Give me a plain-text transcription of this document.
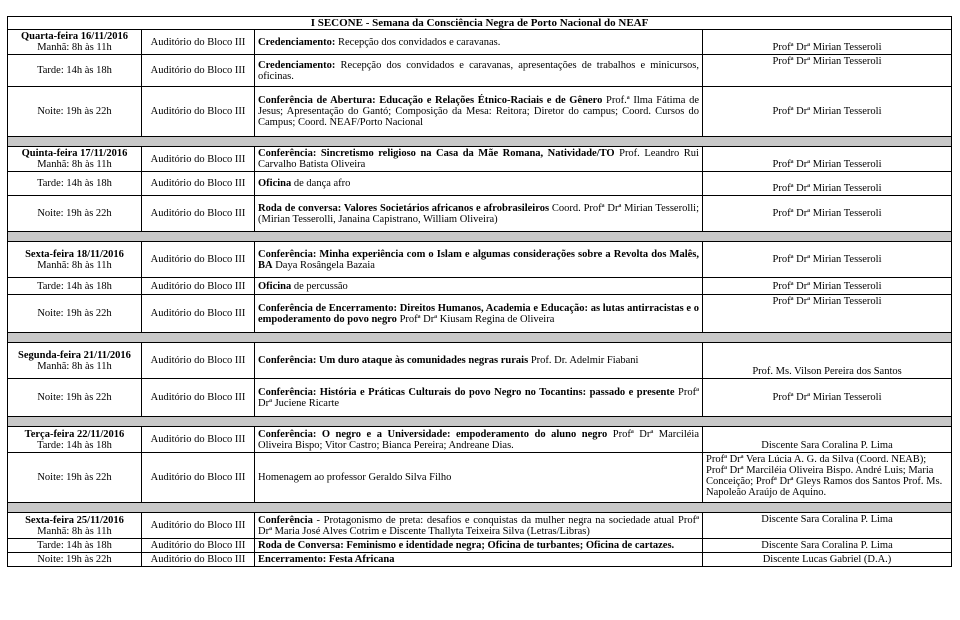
I SECONE - Semana da Consciência Negra de Porto Nacional do NEAF			

Quarta-feira 16/11/2016
Manhã: 8h às 11h	Auditório do Bloco III	Credenciamento: Recepção dos convidados e caravanas.	Profª Drª Mirian Tesseroli
Tarde: 14h às 18h	Auditório do Bloco III	Credenciamento: Recepção dos convidados e caravanas, apresentações de trabalhos e minicursos, oficinas.	Profª Drª Mirian Tesseroli
Noite: 19h às 22h	Auditório do Bloco III	Conferência de Abertura: Educação e Relações Étnico-Raciais e de Gênero Prof.ª Ilma Fátima de Jesus; Apresentação do Gantó; Composição da Mesa: Reitora; Diretor do campus; Coord. Cursos do Campus; Coord. NEAF/Porto Nacional	Profª Drª Mirian Tesseroli

Quinta-feira 17/11/2016
Manhã: 8h às 11h	Auditório do Bloco III	Conferência: Sincretismo religioso na Casa da Mãe Romana, Natividade/TO Prof. Leandro Rui Carvalho Batista Oliveira	Profª Drª Mirian Tesseroli
Tarde: 14h às 18h	Auditório do Bloco III	Oficina de dança afro	Profª Drª Mirian Tesseroli
Noite: 19h às 22h	Auditório do Bloco III	Roda de conversa: Valores Societários africanos e afrobrasileiros Coord. Profª Drª Mirian Tesserolli; (Mirian Tesserolli, Janaina Capistrano, William Oliveira)	Profª Drª Mirian Tesseroli

Sexta-feira 18/11/2016
Manhã: 8h às 11h	Auditório do Bloco III	Conferência: Minha experiência com o Islam e algumas considerações sobre a Revolta dos Malês, BA Daya Rosângela Bazaia	Profª Drª Mirian Tesseroli
Tarde: 14h às 18h	Auditório do Bloco III	Oficina de percussão	Profª Drª Mirian Tesseroli
Noite: 19h às 22h	Auditório do Bloco III	Conferência de Encerramento: Direitos Humanos, Academia e Educação: as lutas antirracistas e o empoderamento do povo negro Profª Drª Kiusam Regina de Oliveira	Profª Drª Mirian Tesseroli

Segunda-feira 21/11/2016
Manhã: 8h às 11h	Auditório do Bloco III	Conferência: Um duro ataque às comunidades negras rurais Prof. Dr. Adelmir Fiabani	Prof. Ms. Vilson Pereira dos Santos
Noite: 19h às 22h	Auditório do Bloco III	Conferência: História e Práticas Culturais do povo Negro no Tocantins: passado e presente Profª Drª Juciene Ricarte	Profª Drª Mirian Tesseroli

Terça-feira 22/11/2016
Tarde: 14h às 18h	Auditório do Bloco III	Conferência: O negro e a Universidade: empoderamento do aluno negro Profª Drª Marciléia Oliveira Bispo; Vitor Castro; Bianca Pereira; Andreane Dias.	Discente Sara Coralina P. Lima
Noite: 19h às 22h	Auditório do Bloco III	Homenagem ao professor Geraldo Silva Filho	Profª Drª Vera Lúcia A. G. da Silva (Coord. NEAB); Profª Drª Marciléia Oliveira Bispo. André Luis; Maria Conceição; Profª Drª Gleys Ramos dos Santos Prof. Ms. Napoleão Araújo de Aquino.

Sexta-feira 25/11/2016
Manhã: 8h às 11h	Auditório do Bloco III	Conferência - Protagonismo de preta: desafios e conquistas da mulher negra na sociedade atual Profª Drª Maria José Alves Cotrim e Discente Thallyta Teixeira Silva (Letras/Libras)	Discente Sara Coralina P. Lima
Tarde: 14h às 18h	Auditório do Bloco III	Roda de Conversa: Feminismo e identidade negra; Oficina de turbantes; Oficina de cartazes.	Discente Sara Coralina P. Lima
Noite: 19h às 22h	Auditório do Bloco III	Encerramento: Festa Africana	Discente Lucas Gabriel (D.A.)
